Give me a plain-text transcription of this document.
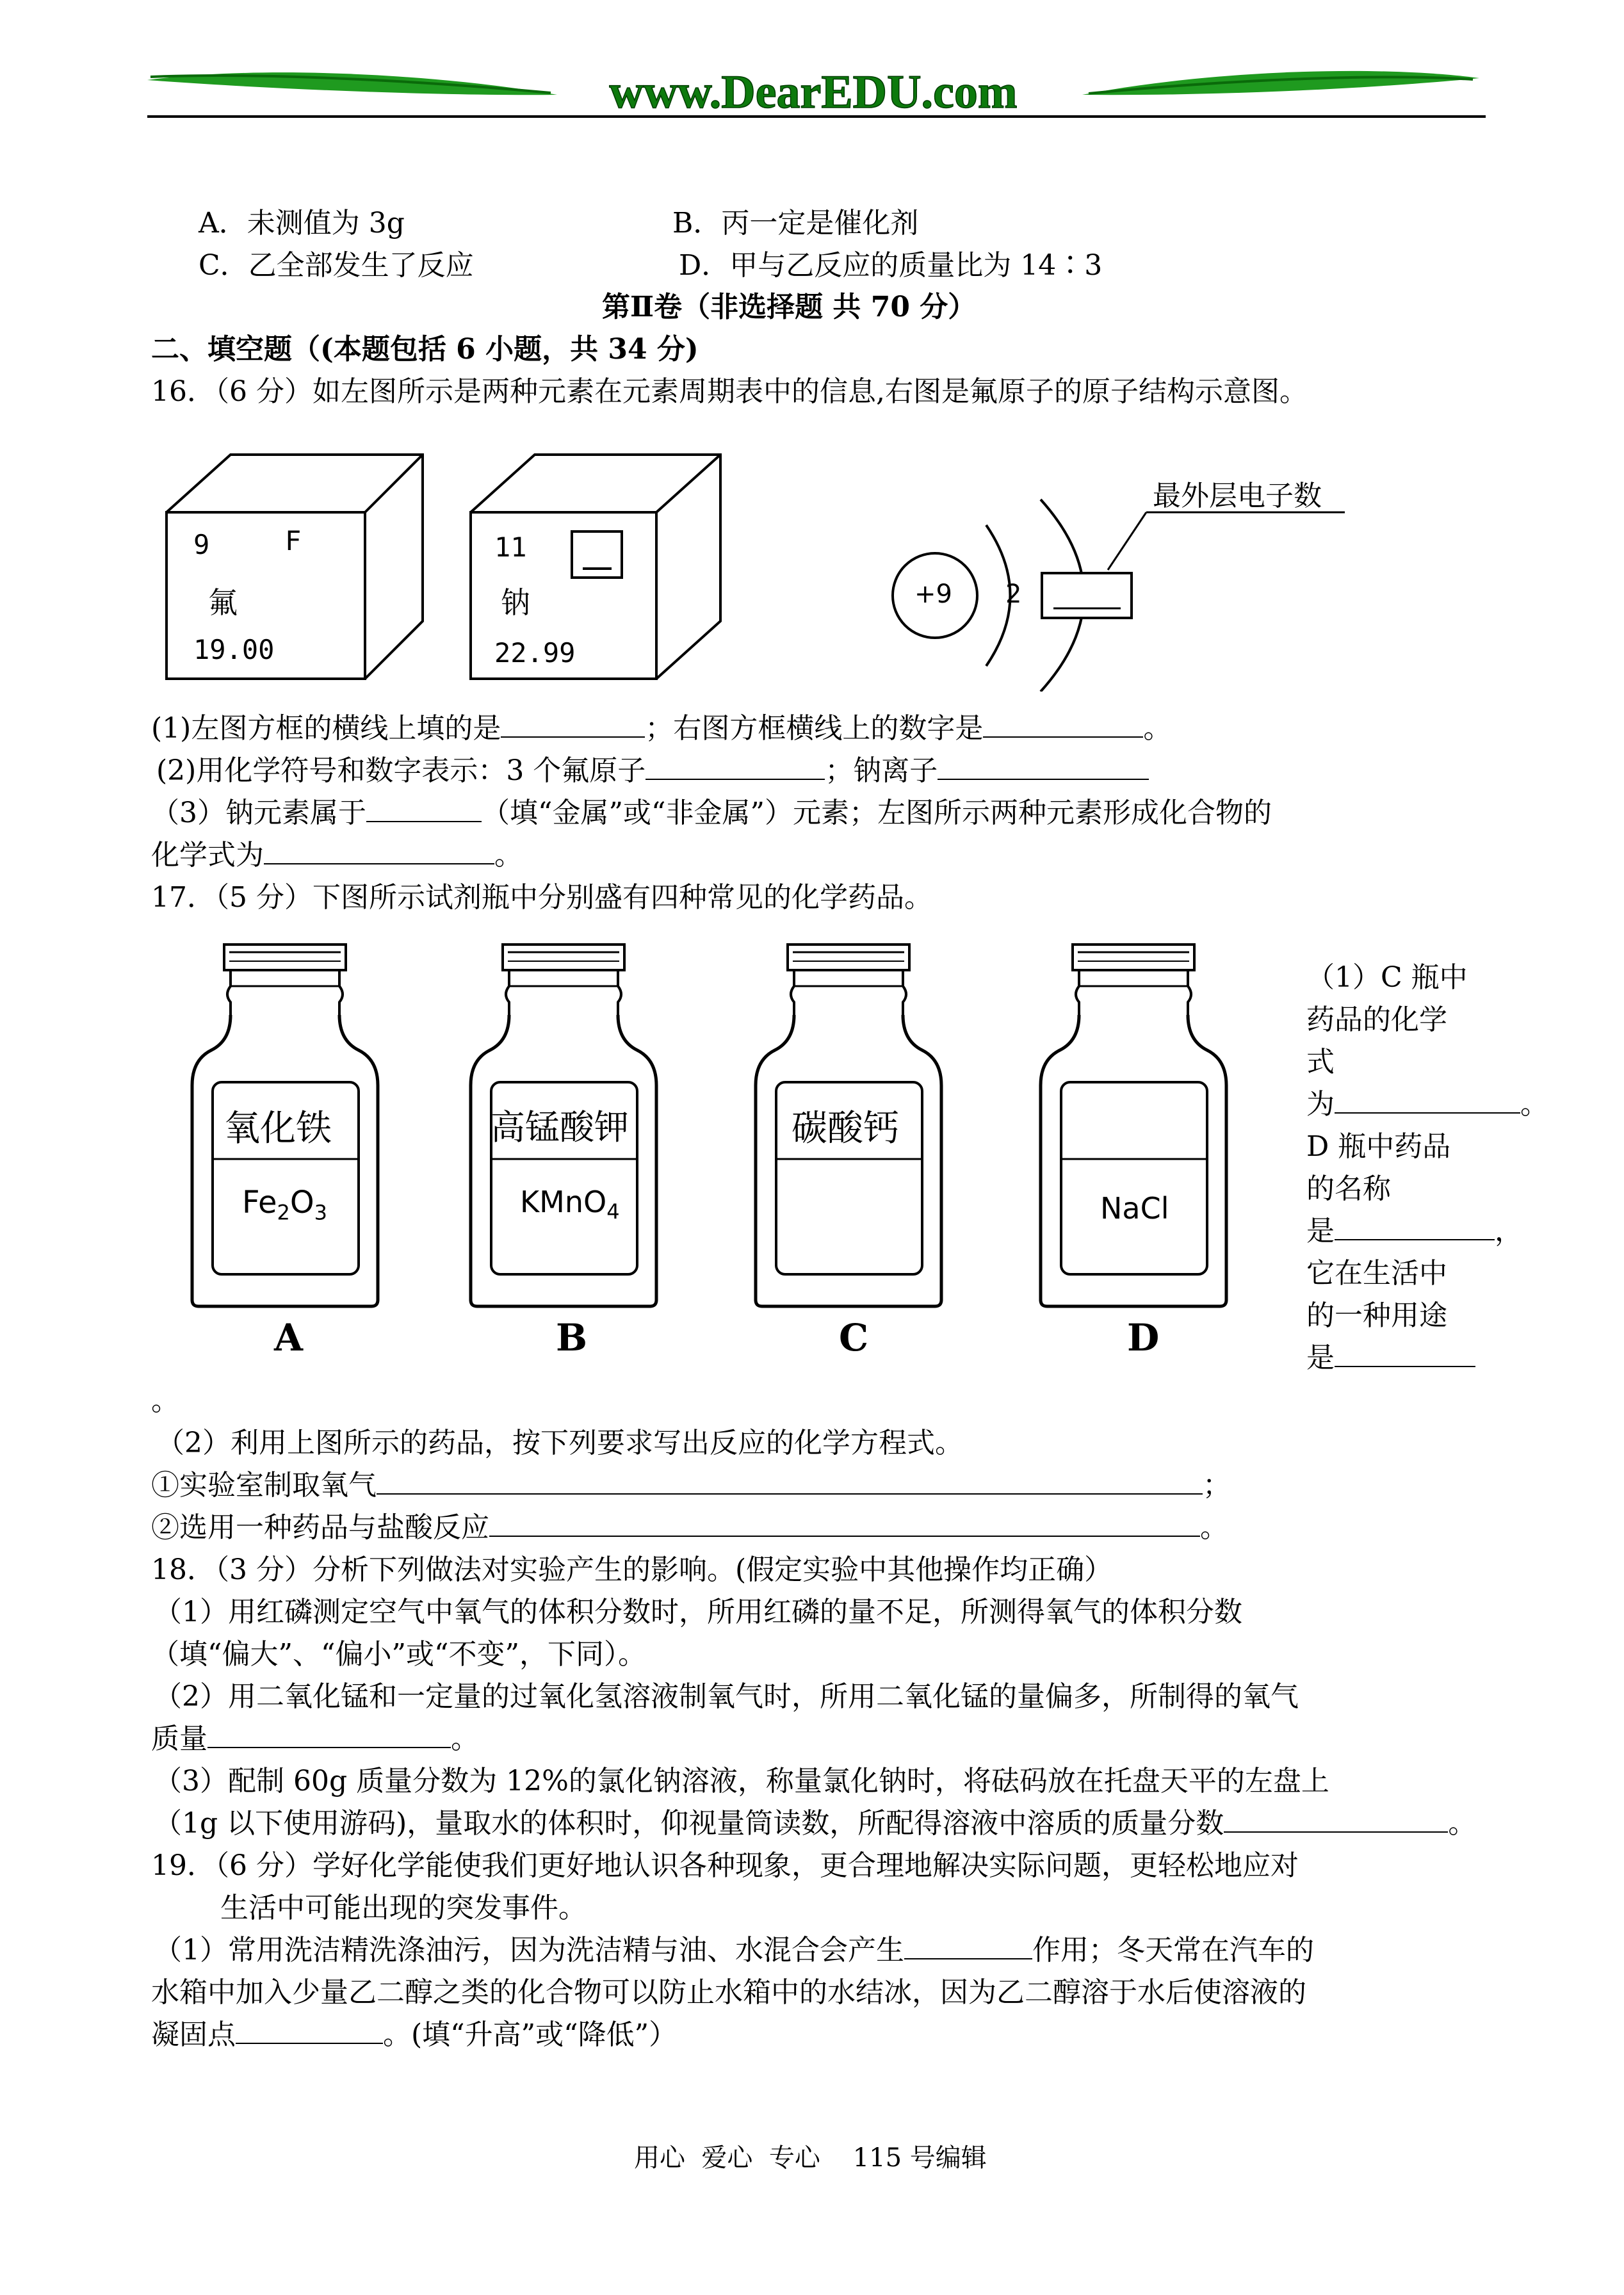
www.DearEDU.com
A．未测值为 3g	B．丙一定是催化剂
C．乙全部发生了反应	D．甲与乙反应的质量比为 14∶3
第Ⅱ卷（非选择题 共 70 分）
二、填空题（(本题包括 6 小题，共 34 分)
16．（6 分）如左图所示是两种元素在元素周期表中的信息,右图是氟原子的原子结构示意图。
9	F
氟
19.00
11
钠
22.99
+9 2
最外层电子数
(1)左图方框的横线上填的是	；右图方框横线上的数字是	。
(2)用化学符号和数字表示：3 个氟原子	；钠离子
（3）钠元素属于	（填“金属”或“非金属”）元素；左图所示两种元素形成化合物的
化学式为	。
17．（5 分）下图所示试剂瓶中分别盛有四种常见的化学药品。
氧化铁
$Fe_2O_3$
A
高锰酸钾
KMnO$_4$
B
碳酸钙
C
NaCl
D
（1）C 瓶中
药品的化学
式
为	。
D 瓶中药品
的名称
是	，
它在生活中
的一种用途
是
。
（2）利用上图所示的药品，按下列要求写出反应的化学方程式。
①实验室制取氧气	；
②选用一种药品与盐酸反应	。
18．（3 分）分析下列做法对实验产生的影响。(假定实验中其他操作均正确）
（1）用红磷测定空气中氧气的体积分数时，所用红磷的量不足，所测得氧气的体积分数
（填“偏大”、“偏小”或“不变”，下同）。
（2）用二氧化锰和一定量的过氧化氢溶液制氧气时，所用二氧化锰的量偏多，所制得的氧气
质量	。
（3）配制 60g 质量分数为 12%的氯化钠溶液，称量氯化钠时，将砝码放在托盘天平的左盘上
（1g 以下使用游码)，量取水的体积时，仰视量筒读数，所配得溶液中溶质的质量分数	。
19．（6 分）学好化学能使我们更好地认识各种现象，更合理地解决实际问题，更轻松地应对
生活中可能出现的突发事件。
（1）常用洗洁精洗涤油污，因为洗洁精与油、水混合会产生	作用；冬天常在汽车的
水箱中加入少量乙二醇之类的化合物可以防止水箱中的水结冰，因为乙二醇溶于水后使溶液的
凝固点	。(填“升高”或“降低”）
用心  爱心  专心    115 号编辑
